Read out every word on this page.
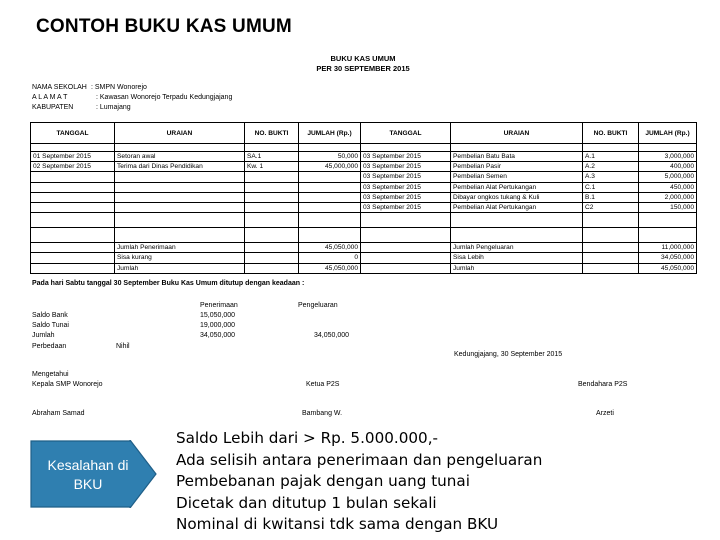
CONTOH BUKU KAS UMUM
BUKU KAS UMUM
PER 30 SEPTEMBER 2015
NAMA SEKOLAH : SMPN Wonorejo
A L A M A T	: Kawasan Wonorejo Terpadu Kedungjajang
KABUPATEN	: Lumajang
TANGGAL	URAIAN	NO. BUKTI	JUMLAH (Rp.)	TANGGAL	URAIAN	NO. BUKTI	JUMLAH (Rp.)

01 September 2015	Setoran awal	SA.1	50,000	03 September 2015	Pembelian Batu Bata	A.1	3,000,000
02 September 2015	Terima dari Dinas Pendidikan	Kw. 1	45,000,000	03 September 2015	Pembelian Pasir	A.2	400,000
				03 September 2015	Pembelian Semen	A.3	5,000,000
				03 September 2015	Pembelian Alat Pertukangan	C.1	450,000
				03 September 2015	Dibayar ongkos tukang & Kuli	B.1	2,000,000
				03 September 2015	Pembelian Alat Pertukangan	C2	150,000

	Jumlah Penerimaan		45,050,000		Jumlah Pengeluaran		11,000,000
	Sisa kurang		0		Sisa Lebih		34,050,000
	Jumlah		45,050,000		Jumlah		45,050,000
Pada hari Sabtu tanggal 30 September Buku Kas Umum ditutup dengan keadaan :
Penerimaan	Pengeluaran
Saldo Bank	15,050,000
Saldo Tunai	19,000,000
Jumlah	34,050,000	34,050,000
Perbedaan	Nihil
Kedungjajang, 30 September 2015
Mengetahui
Kepala SMP Wonorejo	Ketua P2S	Bendahara P2S
Abraham Samad	Bambang W.	Arzeti
Kesalahan di BKU
Saldo Lebih dari > Rp. 5.000.000,-
Ada selisih antara penerimaan dan pengeluaran
Pembebanan pajak dengan uang tunai
Dicetak dan ditutup 1 bulan sekali
Nominal di kwitansi tdk sama dengan BKU
